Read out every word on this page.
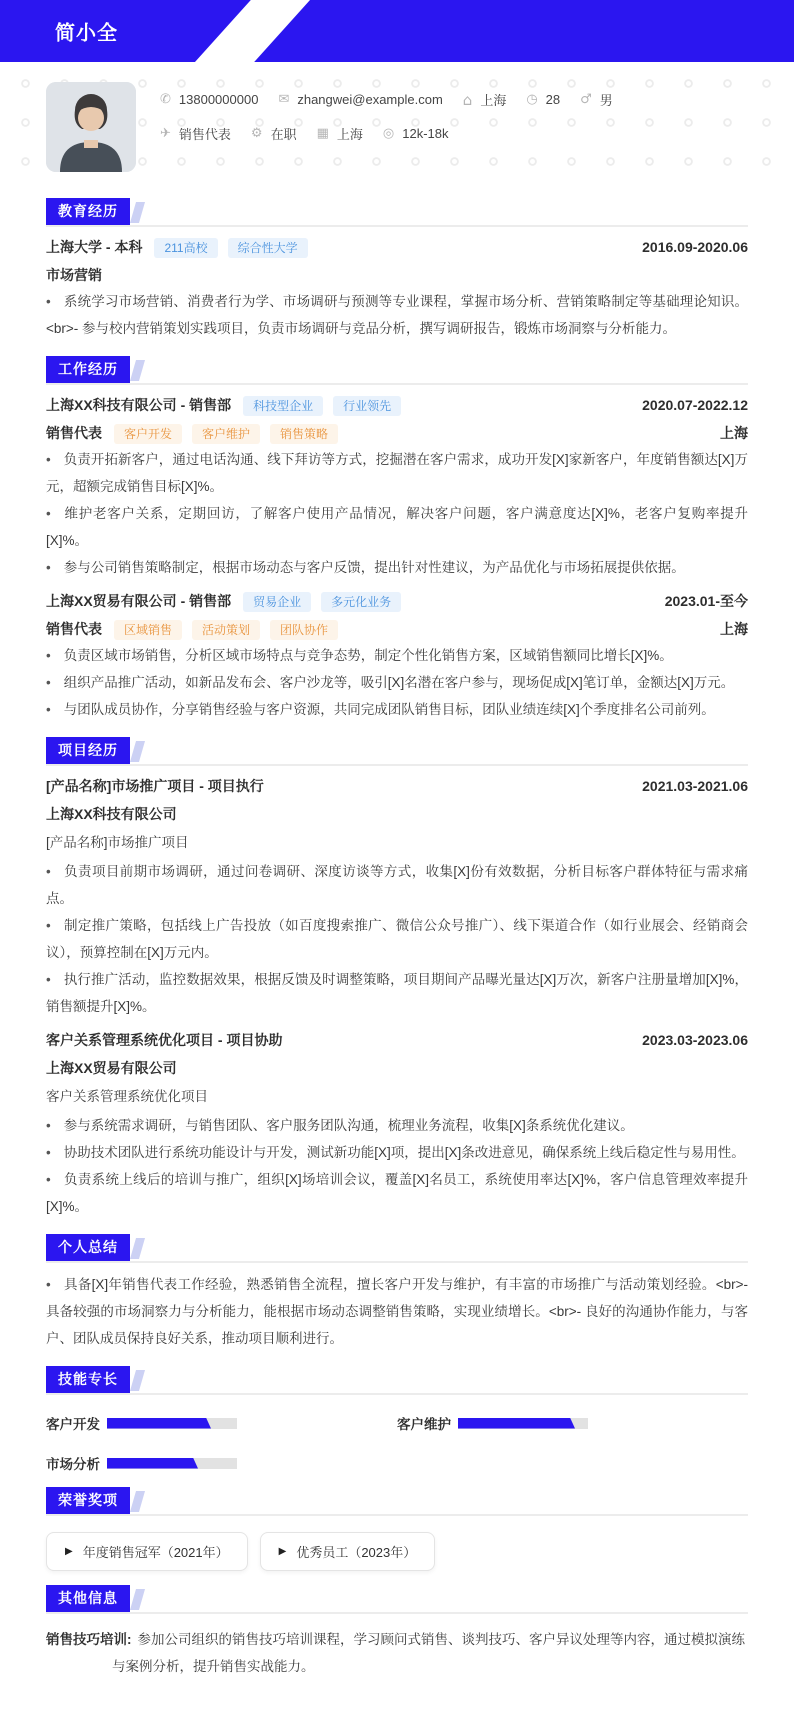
简小全
✆
13800000000 ✉	zhangwei@example.com ⌂	上海 ◷	28 ♂	男
✈
销售代表 ⚙	在职 ▦	上海 ◎	12k-18k
教育经历
上海大学 - 本科	211高校	综合性大学	2016.09-2020.06
市场营销

• 系统学习市场营销、消费者行为学、市场调研与预测等专业课程，掌握市场分析、营销策略制定等基础理论知识。<br>- 参与校内营销策划实践项目，负责市场调研与竞品分析，撰写调研报告，锻炼市场洞察与分析能力。

工作经历
上海XX科技有限公司 - 销售部	科技型企业	行业领先	2020.07-2022.12
销售代表	客户开发	客户维护	销售策略	上海

• 负责开拓新客户，通过电话沟通、线下拜访等方式，挖掘潜在客户需求，成功开发[X]家新客户，年度销售额达[X]万元，超额完成销售目标[X]%。

• 维护老客户关系，定期回访，了解客户使用产品情况，解决客户问题，客户满意度达[X]%，老客户复购率提升[X]%。

• 参与公司销售策略制定，根据市场动态与客户反馈，提出针对性建议，为产品优化与市场拓展提供依据。

上海XX贸易有限公司 - 销售部	贸易企业	多元化业务	2023.01-至今
销售代表	区域销售	活动策划	团队协作	上海

• 负责区域市场销售，分析区域市场特点与竞争态势，制定个性化销售方案，区域销售额同比增长[X]%。

• 组织产品推广活动，如新品发布会、客户沙龙等，吸引[X]名潜在客户参与，现场促成[X]笔订单，金额达[X]万元。

• 与团队成员协作，分享销售经验与客户资源，共同完成团队销售目标，团队业绩连续[X]个季度排名公司前列。

项目经历
[产品名称]市场推广项目 - 项目执行	2021.03-2021.06
上海XX科技有限公司
[产品名称]市场推广项目

• 负责项目前期市场调研，通过问卷调研、深度访谈等方式，收集[X]份有效数据，分析目标客户群体特征与需求痛点。

• 制定推广策略，包括线上广告投放（如百度搜索推广、微信公众号推广）、线下渠道合作（如行业展会、经销商会议），预算控制在[X]万元内。

• 执行推广活动，监控数据效果，根据反馈及时调整策略，项目期间产品曝光量达[X]万次，新客户注册量增加[X]%，销售额提升[X]%。

客户关系管理系统优化项目 - 项目协助	2023.03-2023.06
上海XX贸易有限公司
客户关系管理系统优化项目

• 参与系统需求调研，与销售团队、客户服务团队沟通，梳理业务流程，收集[X]条系统优化建议。

• 协助技术团队进行系统功能设计与开发，测试新功能[X]项，提出[X]条改进意见，确保系统上线后稳定性与易用性。

• 负责系统上线后的培训与推广，组织[X]场培训会议，覆盖[X]名员工，系统使用率达[X]%，客户信息管理效率提升[X]%。

个人总结

• 具备[X]年销售代表工作经验，熟悉销售全流程，擅长客户开发与维护，有丰富的市场推广与活动策划经验。<br>- 具备较强的市场洞察力与分析能力，能根据市场动态调整销售策略，实现业绩增长。<br>- 良好的沟通协作能力，与客户、团队成员保持良好关系，推动项目顺利进行。

技能专长
客户开发	客户维护
市场分析
荣誉奖项
▶
年度销售冠军（2021年） ▶	优秀员工（2023年）
其他信息

销售技巧培训: 参加公司组织的销售技巧培训课程，学习顾问式销售、谈判技巧、客户异议处理等内容，通过模拟演练与案例分析，提升销售实战能力。
